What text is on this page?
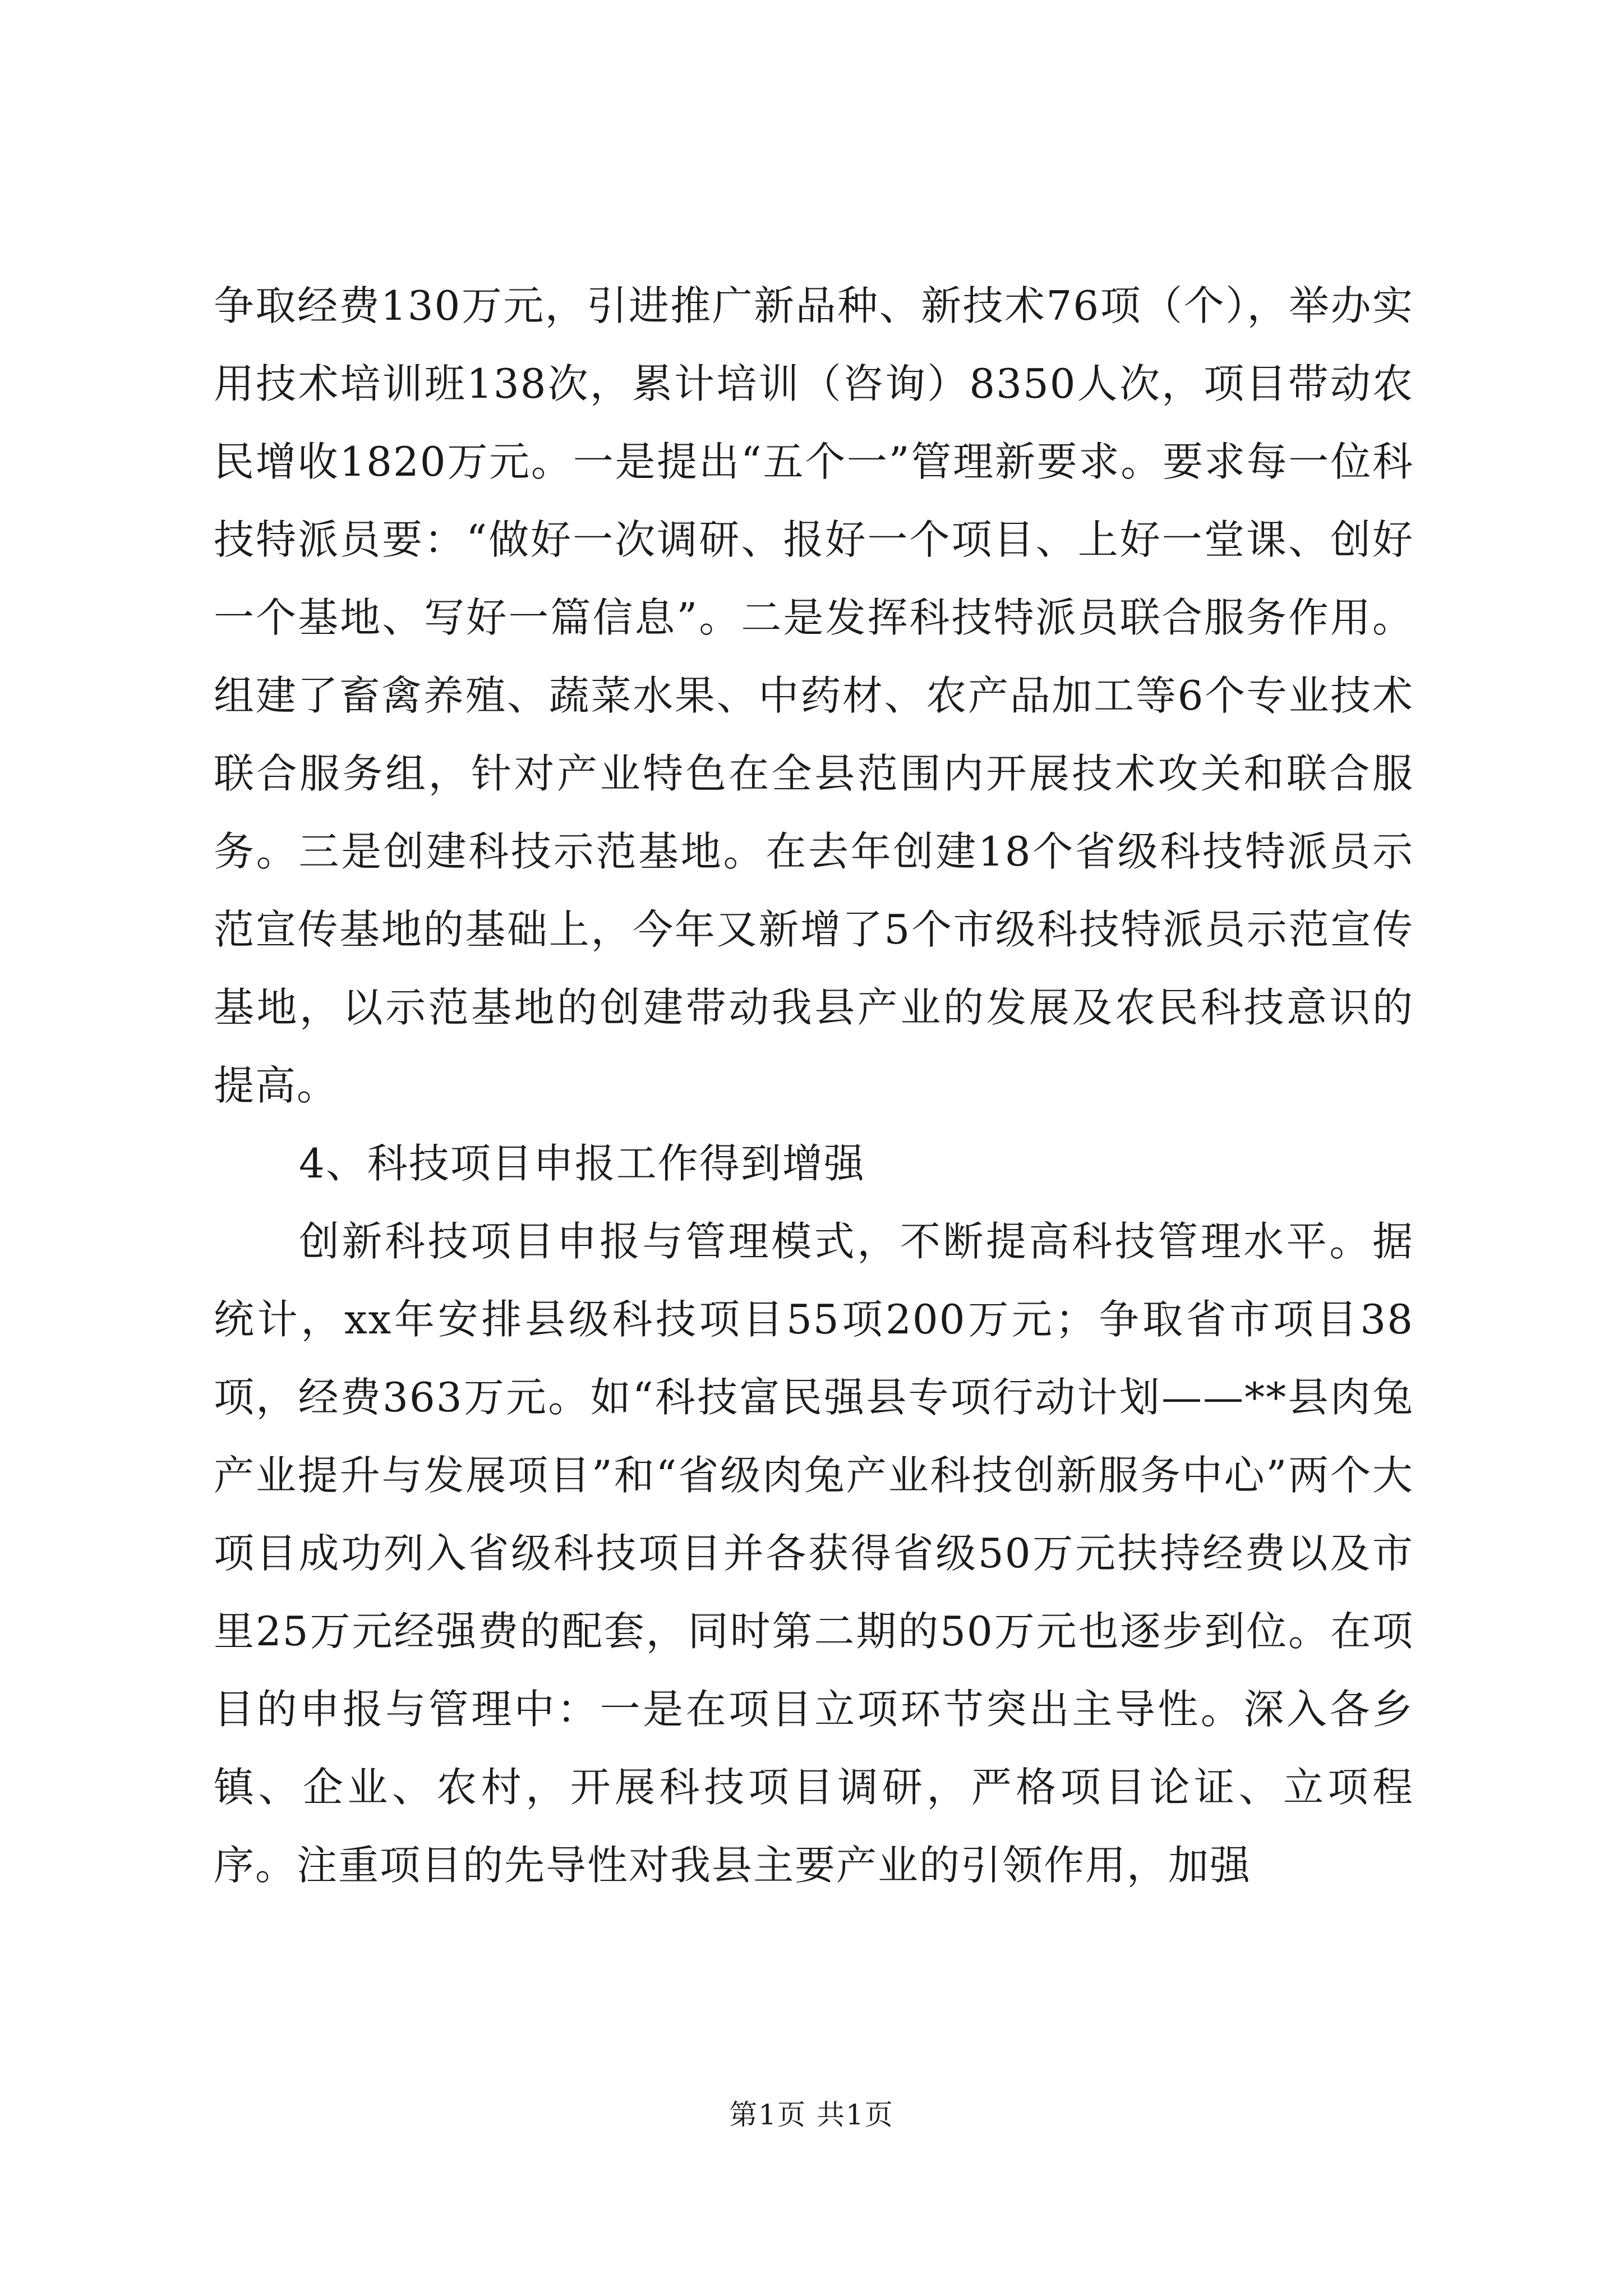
争取经费130万元，引进推广新品种、新技术76项（个），举办实用技术培训班138次，累计培训（咨询）8350人次，项目带动农民增收1820万元。一是提出“五个一”管理新要求。要求每一位科技特派员要：“做好一次调研、报好一个项目、上好一堂课、创好一个基地、写好一篇信息”。二是发挥科技特派员联合服务作用。组建了畜禽养殖、蔬菜水果、中药材、农产品加工等6个专业技术联合服务组，针对产业特色在全县范围内开展技术攻关和联合服务。三是创建科技示范基地。在去年创建18个省级科技特派员示范宣传基地的基础上，今年又新增了5个市级科技特派员示范宣传基地，以示范基地的创建带动我县产业的发展及农民科技意识的提高。

4、科技项目申报工作得到增强

创新科技项目申报与管理模式，不断提高科技管理水平。据统计，xx年安排县级科技项目55项200万元；争取省市项目38项，经费363万元。如“科技富民强县专项行动计划——**县肉兔产业提升与发展项目”和“省级肉兔产业科技创新服务中心”两个大项目成功列入省级科技项目并各获得省级50万元扶持经费以及市里25万元经强费的配套，同时第二期的50万元也逐步到位。在项目的申报与管理中：一是在项目立项环节突出主导性。深入各乡镇、企业、农村，开展科技项目调研，严格项目论证、立项程序。注重项目的先导性对我县主要产业的引领作用，加强

第1页 共1页
